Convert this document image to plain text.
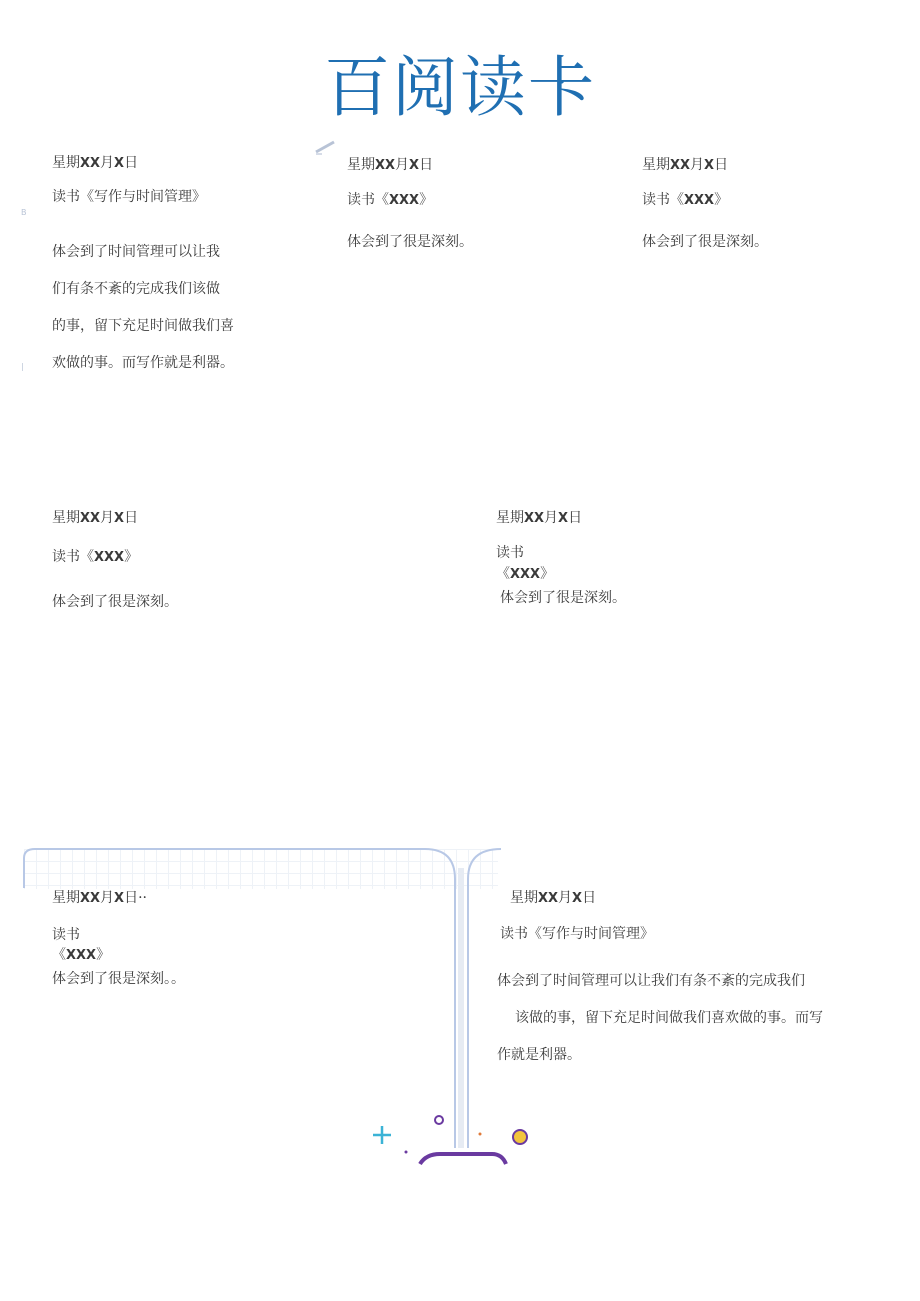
百阅读卡
B
|
星期XX月X日
读书《写作与时间管理》

体会到了时间管理可以让我

们有条不紊的完成我们该做

的事，留下充足时间做我们喜

欢做的事。而写作就是利器。

星期XX月X日
读书《XXX》
体会到了很是深刻。
星期XX月X日
读书《XXX》
体会到了很是深刻。
星期XX月X日
读书《XXX》
体会到了很是深刻。
星期XX月X日
读书
《XXX》
体会到了很是深刻。
星期XX月X日··
读书
《XXX》
体会到了很是深刻。。
星期XX月X日
读书《写作与时间管理》

体会到了时间管理可以让我们有条不紊的完成我们

该做的事，留下充足时间做我们喜欢做的事。而写

作就是利器。
